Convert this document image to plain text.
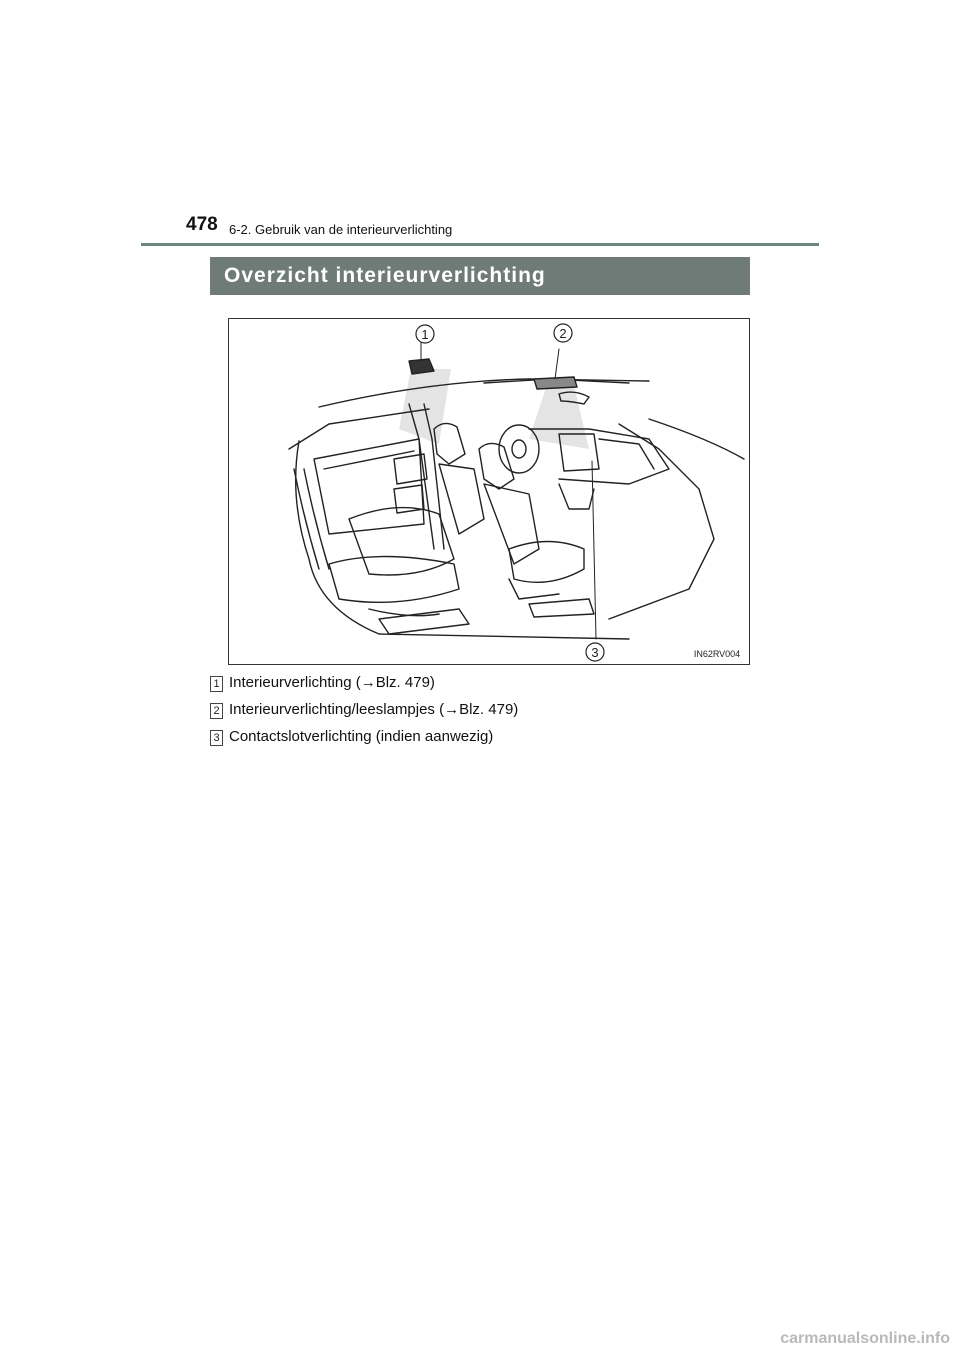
478 6-2. Gebruik van de interieurverlichting
Overzicht interieurverlichting
1	2
3	IN62RV004
1 Interieurverlichting (→Blz. 479)
2 Interieurverlichting/leeslampjes (→Blz. 479)
3 Contactslotverlichting (indien aanwezig)
carmanualsonline.info
